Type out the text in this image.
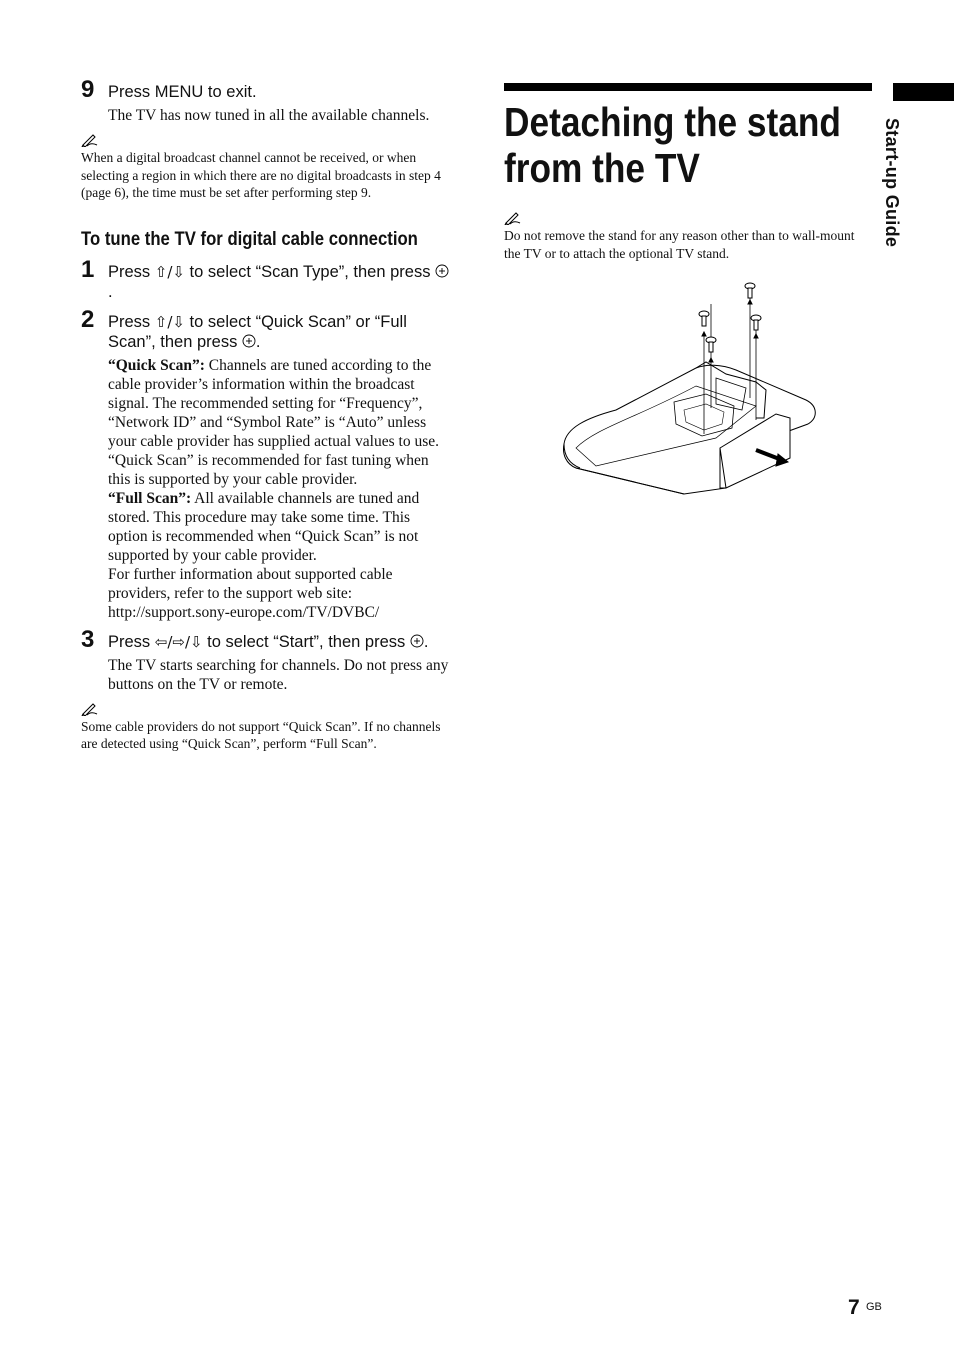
Start-up Guide
9 Press MENU to exit.
The TV has now tuned in all the available channels.

When a digital broadcast channel cannot be received, or when selecting a region in which there are no digital broadcasts in step 4 (page 6), the time must be set after performing step 9.

To tune the TV for digital cable connection
1 Press ⇧/⇩ to select “Scan Type”, then press .
2 Press ⇧/⇩ to select “Quick Scan” or “Full Scan”, then press .

“Quick Scan”: Channels are tuned according to the cable provider’s information within the broadcast signal. The recommended setting for “Frequency”, “Network ID” and “Symbol Rate” is “Auto” unless your cable provider has supplied actual values to use. “Quick Scan” is recommended for fast tuning when this is supported by your cable provider.

“Full Scan”: All available channels are tuned and stored. This procedure may take some time. This option is recommended when “Quick Scan” is not supported by your cable provider.

For further information about supported cable providers, refer to the support web site:

http://support.sony-europe.com/TV/DVBC/

3 Press ⇦/⇨/⇩ to select “Start”, then press .
The TV starts searching for channels. Do not press any buttons on the TV or remote.

Some cable providers do not support “Quick Scan”. If no channels are detected using “Quick Scan”, perform “Full Scan”.

Detaching the stand
from the TV

Do not remove the stand for any reason other than to wall-mount the TV or to attach the optional TV stand.

7 GB
